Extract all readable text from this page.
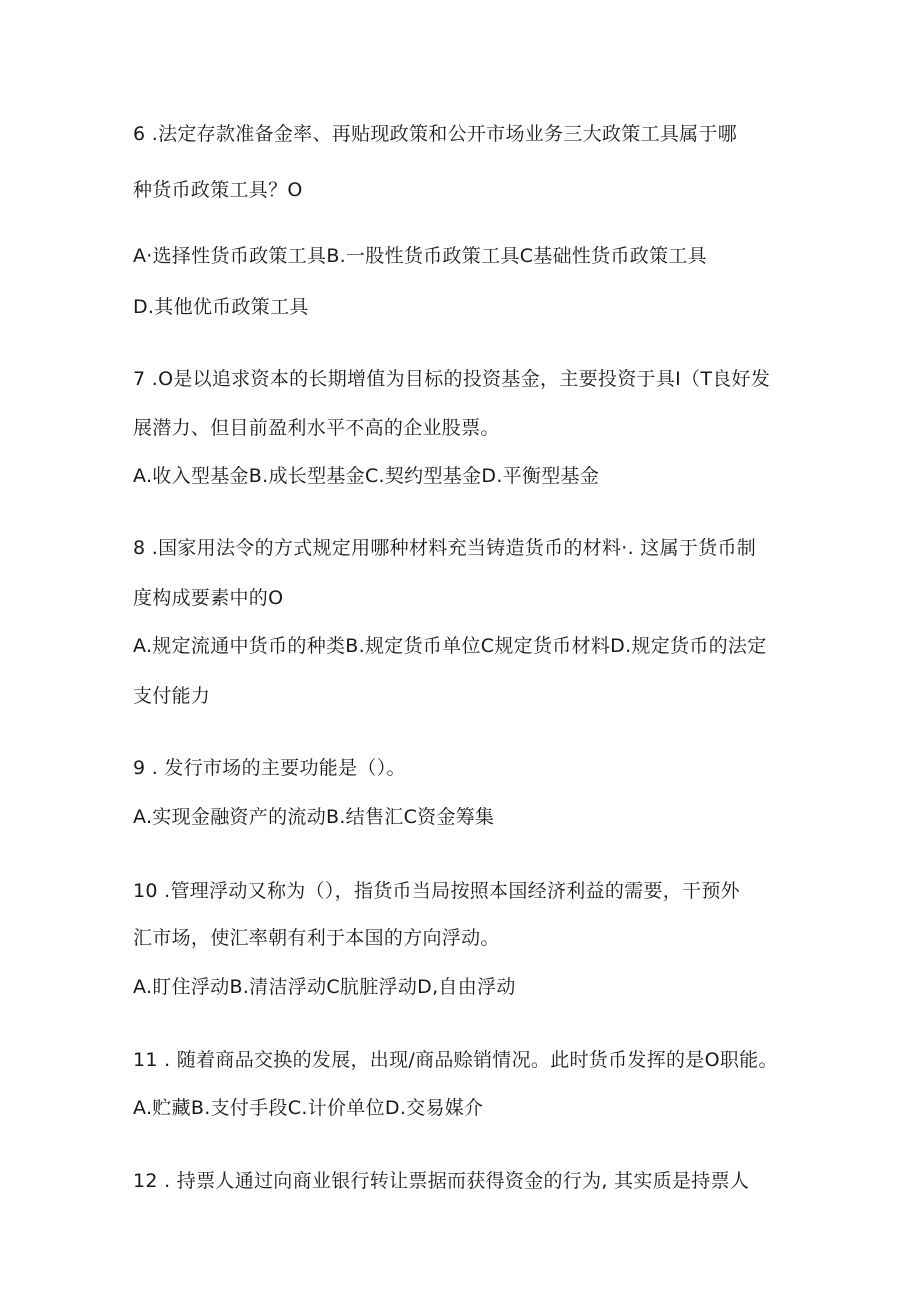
6 .法定存款准备金率、再贴现政策和公开市场业务三大政策工具属于哪
种货币政策工具？O
A·选择性货币政策工具B.一股性货币政策工具C基础性货币政策工具
D.其他优币政策工具
7 .O是以追求资本的长期增值为目标的投资基金，主要投资于具I（T良好发
展潜力、但目前盈利水平不高的企业股票。
A.收入型基金B.成长型基金C.契约型基金D.平衡型基金
8 .国家用法令的方式规定用哪种材料充当铸造货币的材料·. 这属于货币制
度构成要素中的O
A.规定流通中货币的种类B.规定货币单位C规定货币材料D.规定货币的法定
支付能力
9 . 发行市场的主要功能是（）。
A.实现金融资产的流动B.结售汇C资金筹集
10 .管理浮动又称为（），指货币当局按照本国经济利益的需要，干预外
汇市场，使汇率朝有利于本国的方向浮动。
A.盯住浮动B.清洁浮动C肮脏浮动D,自由浮动
11 . 随着商品交换的发展，出现/商品赊销情况。此时货币发挥的是O职能。
A.贮藏B.支付手段C.计价单位D.交易媒介
12 . 持票人通过向商业银行转让票据而获得资金的行为, 其实质是持票人
